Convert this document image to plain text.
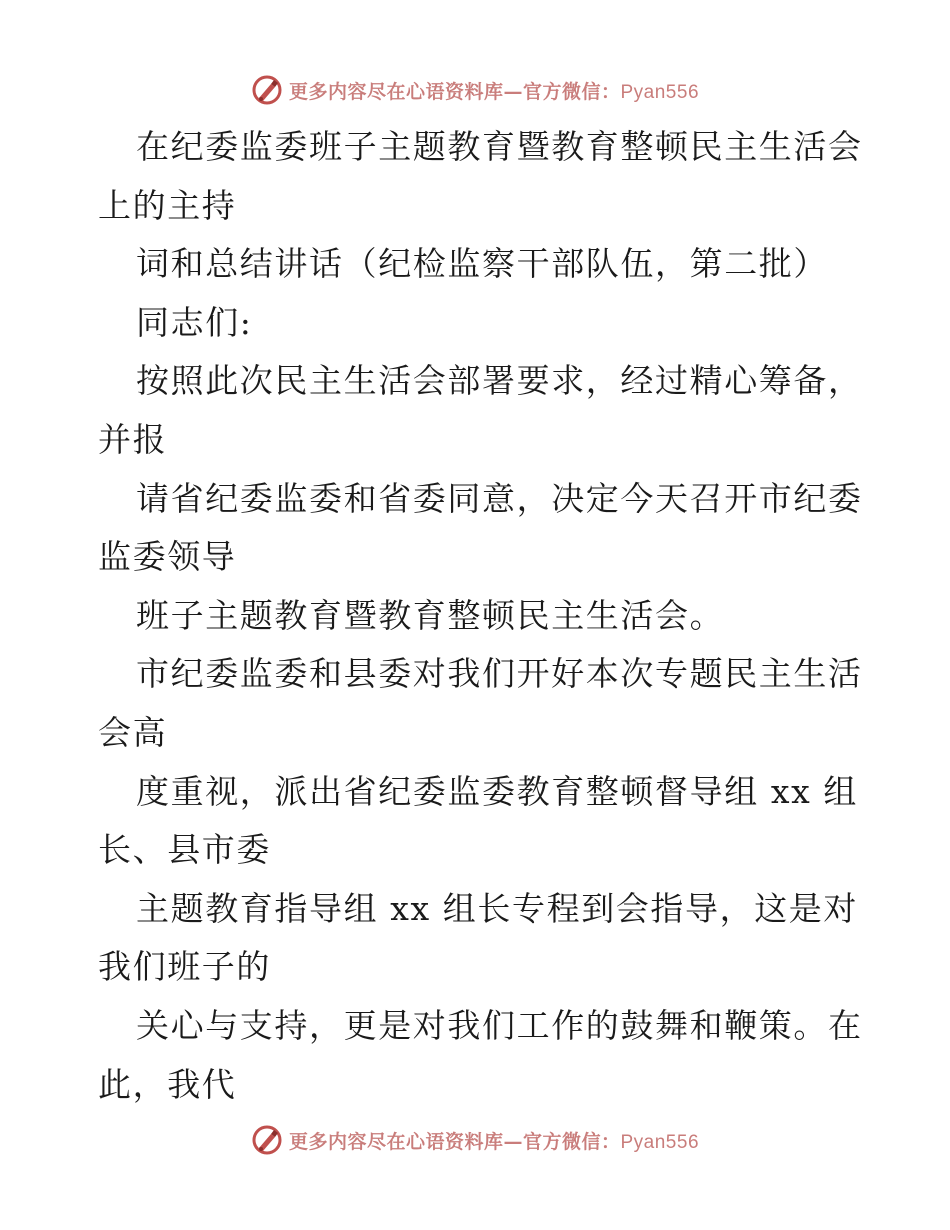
更多内容尽在心语资料库—官方微信：Pyan556
在纪委监委班子主题教育暨教育整顿民主生活会
上的主持
词和总结讲话（纪检监察干部队伍，第二批）
同志们:
按照此次民主生活会部署要求，经过精心筹备，
并报
请省纪委监委和省委同意，决定今天召开市纪委
监委领导
班子主题教育暨教育整顿民主生活会。
市纪委监委和县委对我们开好本次专题民主生活
会高
度重视，派出省纪委监委教育整顿督导组 xx 组
长、县市委
主题教育指导组 xx 组长专程到会指导，这是对
我们班子的
关心与支持，更是对我们工作的鼓舞和鞭策。在
此，我代
更多内容尽在心语资料库—官方微信：Pyan556
